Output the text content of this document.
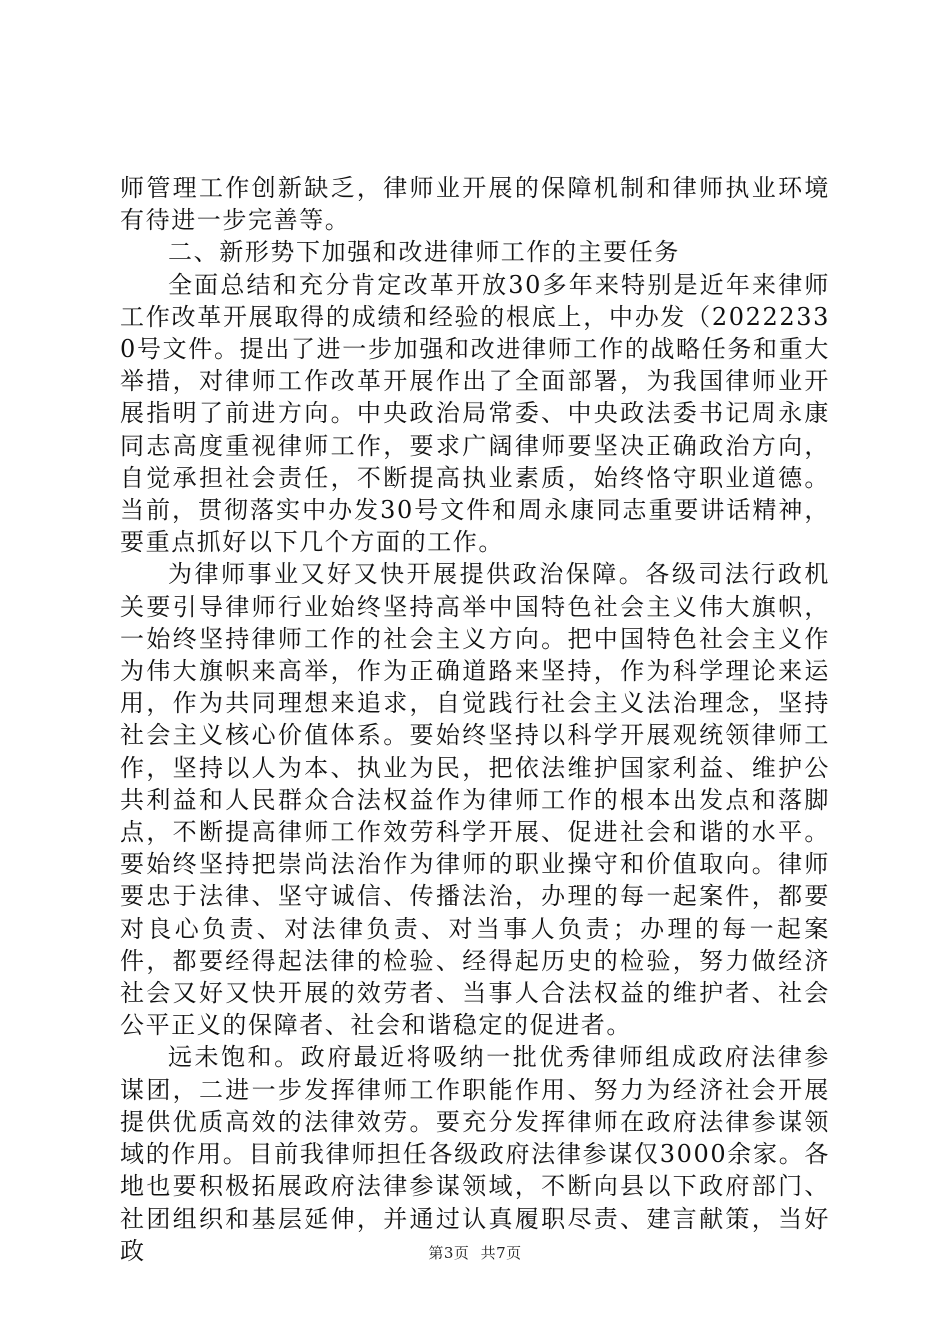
师管理工作创新缺乏，律师业开展的保障机制和律师执业环境有待进一步完善等。

二、新形势下加强和改进律师工作的主要任务

全面总结和充分肯定改革开放30多年来特别是近年来律师工作改革开展取得的成绩和经验的根底上，中办发（20222330号文件。提出了进一步加强和改进律师工作的战略任务和重大举措，对律师工作改革开展作出了全面部署，为我国律师业开展指明了前进方向。中央政治局常委、中央政法委书记周永康同志高度重视律师工作，要求广阔律师要坚决正确政治方向，自觉承担社会责任，不断提高执业素质，始终恪守职业道德。当前，贯彻落实中办发30号文件和周永康同志重要讲话精神，要重点抓好以下几个方面的工作。

为律师事业又好又快开展提供政治保障。各级司法行政机关要引导律师行业始终坚持高举中国特色社会主义伟大旗帜，一始终坚持律师工作的社会主义方向。把中国特色社会主义作为伟大旗帜来高举，作为正确道路来坚持，作为科学理论来运用，作为共同理想来追求，自觉践行社会主义法治理念，坚持社会主义核心价值体系。要始终坚持以科学开展观统领律师工作，坚持以人为本、执业为民，把依法维护国家利益、维护公共利益和人民群众合法权益作为律师工作的根本出发点和落脚点，不断提高律师工作效劳科学开展、促进社会和谐的水平。要始终坚持把崇尚法治作为律师的职业操守和价值取向。律师要忠于法律、坚守诚信、传播法治，办理的每一起案件，都要对良心负责、对法律负责、对当事人负责；办理的每一起案件，都要经得起法律的检验、经得起历史的检验，努力做经济社会又好又快开展的效劳者、当事人合法权益的维护者、社会公平正义的保障者、社会和谐稳定的促进者。

远未饱和。政府最近将吸纳一批优秀律师组成政府法律参谋团，二进一步发挥律师工作职能作用、努力为经济社会开展提供优质高效的法律效劳。要充分发挥律师在政府法律参谋领域的作用。目前我律师担任各级政府法律参谋仅3000余家。各地也要积极拓展政府法律参谋领域，不断向县以下政府部门、社团组织和基层延伸，并通过认真履职尽责、建言献策，当好政	第3页 共7页
